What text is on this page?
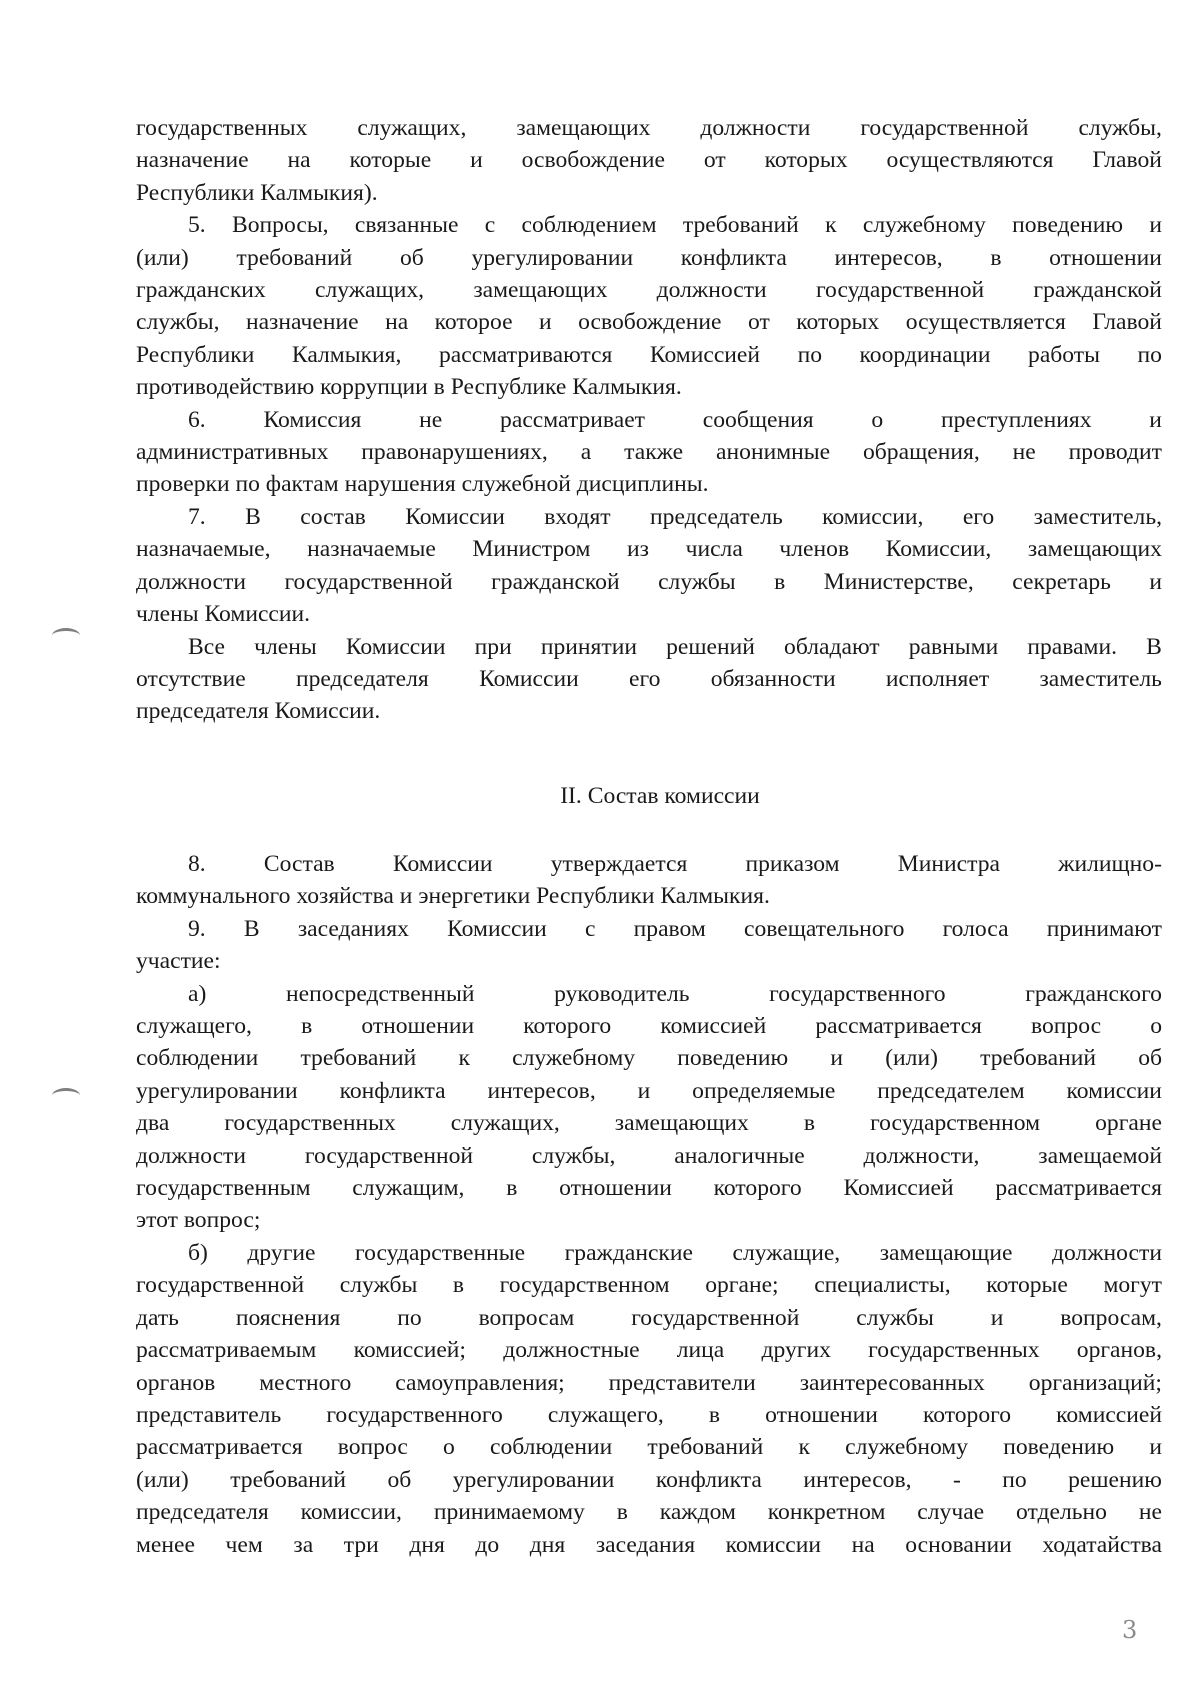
государственных служащих, замещающих должности государственной службы,
назначение на которые и освобождение от которых осуществляются Главой
Республики Калмыкия).
5. Вопросы, связанные с соблюдением требований к служебному поведению и
(или) требований об урегулировании конфликта интересов, в отношении
гражданских служащих, замещающих должности государственной гражданской
службы, назначение на которое и освобождение от которых осуществляется Главой
Республики Калмыкия, рассматриваются Комиссией по координации работы по
противодействию коррупции в Республике Калмыкия.
6. Комиссия не рассматривает сообщения о преступлениях и
административных правонарушениях, а также анонимные обращения, не проводит
проверки по фактам нарушения служебной дисциплины.
7. В состав Комиссии входят председатель комиссии, его заместитель,
назначаемые, назначаемые Министром из числа членов Комиссии, замещающих
должности государственной гражданской службы в Министерстве, секретарь и
члены Комиссии.
Все члены Комиссии при принятии решений обладают равными правами. В
отсутствие председателя Комиссии его обязанности исполняет заместитель
председателя Комиссии.
II. Состав комиссии
8. Состав Комиссии утверждается приказом Министра жилищно-
коммунального хозяйства и энергетики Республики Калмыкия.
9. В заседаниях Комиссии с правом совещательного голоса принимают
участие:
а)	непосредственный	руководитель	государственного	гражданского
служащего, в отношении которого комиссией рассматривается вопрос о
соблюдении требований к служебному поведению и (или) требований об
урегулировании конфликта интересов, и определяемые председателем комиссии
два государственных служащих, замещающих в государственном органе
должности государственной службы, аналогичные должности, замещаемой
государственным служащим, в отношении которого Комиссией рассматривается
этот вопрос;
б) другие государственные гражданские служащие, замещающие должности
государственной службы в государственном органе; специалисты, которые могут
дать пояснения по вопросам государственной службы и вопросам,
рассматриваемым комиссией; должностные лица других государственных органов,
органов местного самоуправления; представители заинтересованных организаций;
представитель государственного служащего, в отношении которого комиссией
рассматривается вопрос о соблюдении требований к служебному поведению и
(или) требований об урегулировании конфликта интересов, - по решению
председателя комиссии, принимаемому в каждом конкретном случае отдельно не
менее чем за три дня до дня заседания комиссии на основании ходатайства
3
